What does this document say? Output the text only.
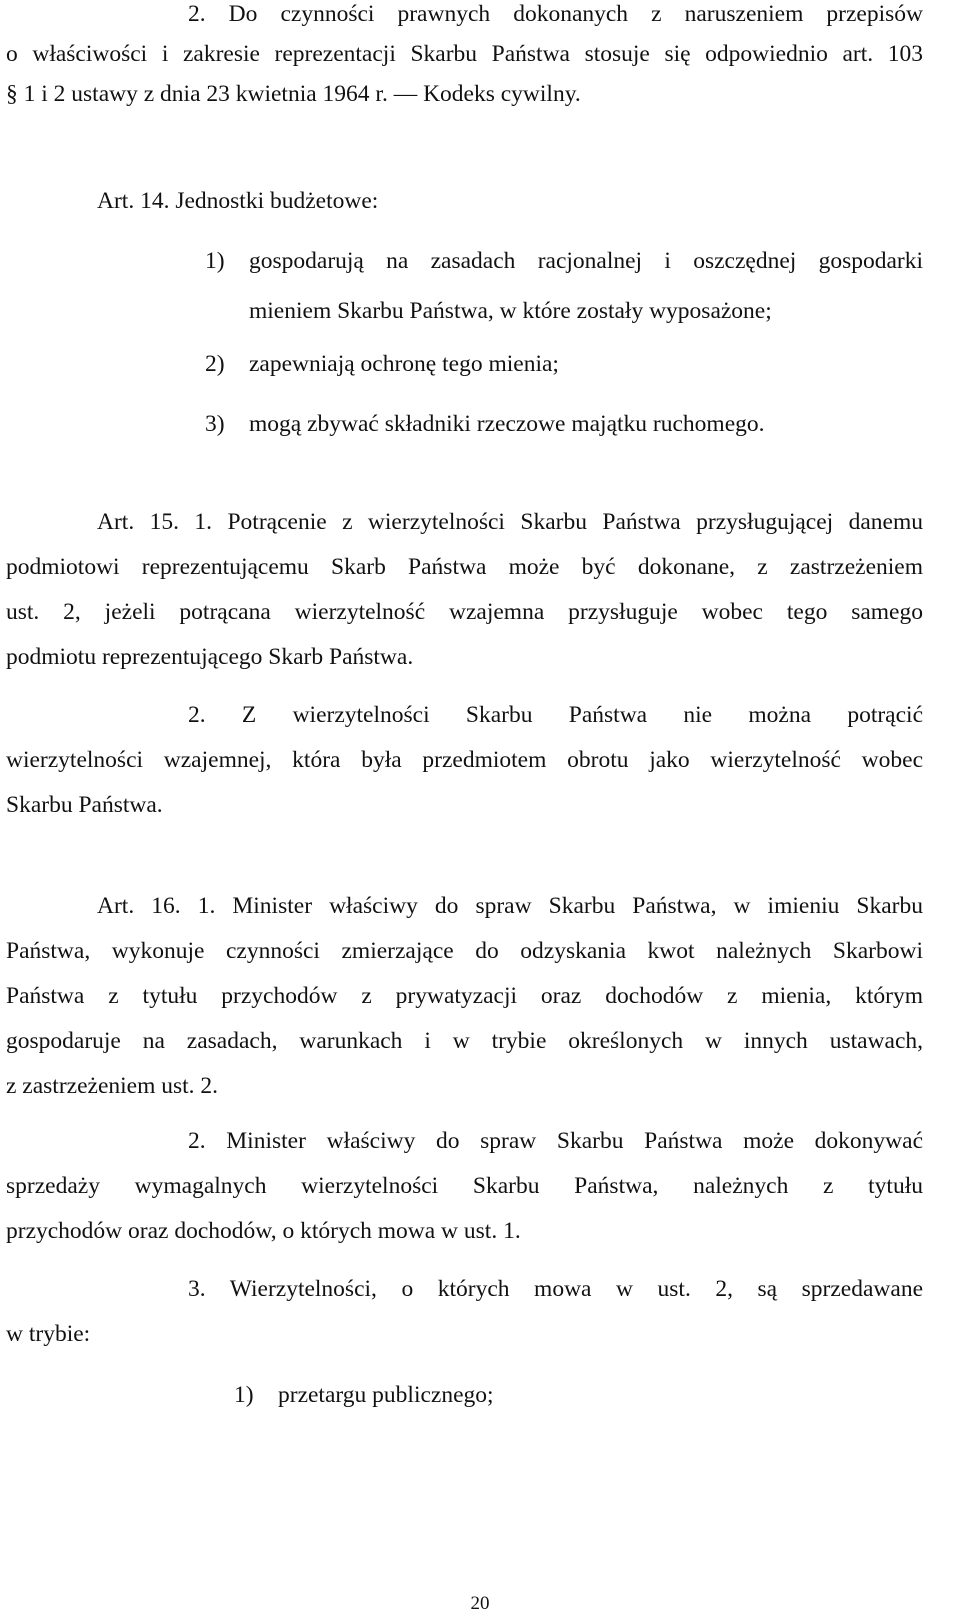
2. Do czynności prawnych dokonanych z naruszeniem przepisów
o właściwości i zakresie reprezentacji Skarbu Państwa stosuje się odpowiednio art. 103
§ 1 i 2 ustawy z dnia 23 kwietnia 1964 r. — Kodeks cywilny.
Art. 14. Jednostki budżetowe:
1) gospodarują na zasadach racjonalnej i oszczędnej gospodarki
mieniem Skarbu Państwa, w które zostały wyposażone;
2) zapewniają ochronę tego mienia;
3) mogą zbywać składniki rzeczowe majątku ruchomego.
Art. 15. 1. Potrącenie z wierzytelności Skarbu Państwa przysługującej danemu
podmiotowi reprezentującemu Skarb Państwa może być dokonane, z zastrzeżeniem
ust. 2, jeżeli potrącana wierzytelność wzajemna przysługuje wobec tego samego
podmiotu reprezentującego Skarb Państwa.
2. Z wierzytelności Skarbu Państwa nie można potrącić
wierzytelności wzajemnej, która była przedmiotem obrotu jako wierzytelność wobec
Skarbu Państwa.
Art. 16. 1. Minister właściwy do spraw Skarbu Państwa, w imieniu Skarbu
Państwa, wykonuje czynności zmierzające do odzyskania kwot należnych Skarbowi
Państwa z tytułu przychodów z prywatyzacji oraz dochodów z mienia, którym
gospodaruje na zasadach, warunkach i w trybie określonych w innych ustawach,
z zastrzeżeniem ust. 2.
2. Minister właściwy do spraw Skarbu Państwa może dokonywać
sprzedaży wymagalnych wierzytelności Skarbu Państwa, należnych z tytułu
przychodów oraz dochodów, o których mowa w ust. 1.
3. Wierzytelności, o których mowa w ust. 2, są sprzedawane
w trybie:
1) przetargu publicznego;
20
